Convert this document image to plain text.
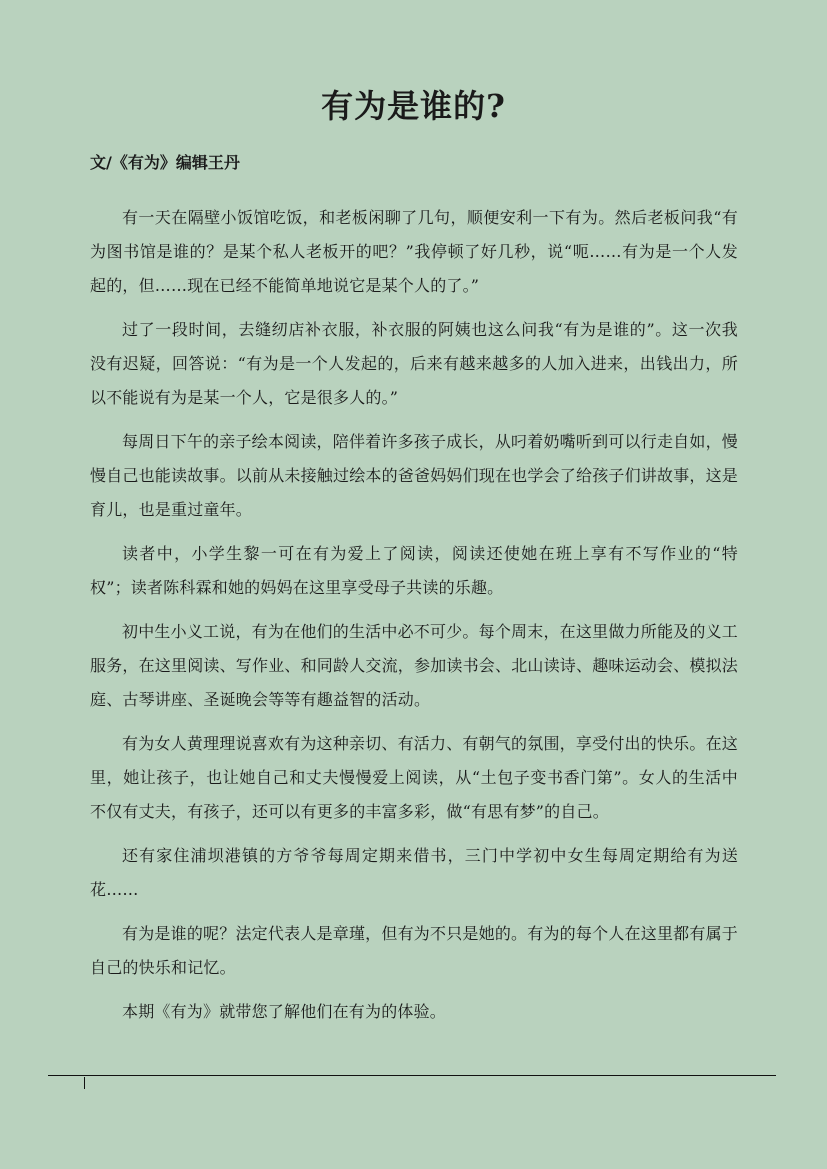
有为是谁的?
文/《有为》编辑王丹

有一天在隔壁小饭馆吃饭，和老板闲聊了几句，顺便安利一下有为。然后老板问我“有为图书馆是谁的？是某个私人老板开的吧？”我停顿了好几秒，说“呃……有为是一个人发起的，但……现在已经不能简单地说它是某个人的了。”

过了一段时间，去缝纫店补衣服，补衣服的阿姨也这么问我“有为是谁的”。这一次我没有迟疑，回答说：“有为是一个人发起的，后来有越来越多的人加入进来，出钱出力，所以不能说有为是某一个人，它是很多人的。”

每周日下午的亲子绘本阅读，陪伴着许多孩子成长，从叼着奶嘴听到可以行走自如，慢慢自己也能读故事。以前从未接触过绘本的爸爸妈妈们现在也学会了给孩子们讲故事，这是育儿，也是重过童年。

读者中，小学生黎一可在有为爱上了阅读，阅读还使她在班上享有不写作业的“特权”；读者陈科霖和她的妈妈在这里享受母子共读的乐趣。

初中生小义工说，有为在他们的生活中必不可少。每个周末，在这里做力所能及的义工服务，在这里阅读、写作业、和同龄人交流，参加读书会、北山读诗、趣味运动会、模拟法庭、古琴讲座、圣诞晚会等等有趣益智的活动。

有为女人黄理理说喜欢有为这种亲切、有活力、有朝气的氛围，享受付出的快乐。在这里，她让孩子，也让她自己和丈夫慢慢爱上阅读，从“土包子变书香门第”。女人的生活中不仅有丈夫，有孩子，还可以有更多的丰富多彩，做“有思有梦”的自己。

还有家住浦坝港镇的方爷爷每周定期来借书，三门中学初中女生每周定期给有为送花……

有为是谁的呢？法定代表人是章瑾，但有为不只是她的。有为的每个人在这里都有属于自己的快乐和记忆。

本期《有为》就带您了解他们在有为的体验。
